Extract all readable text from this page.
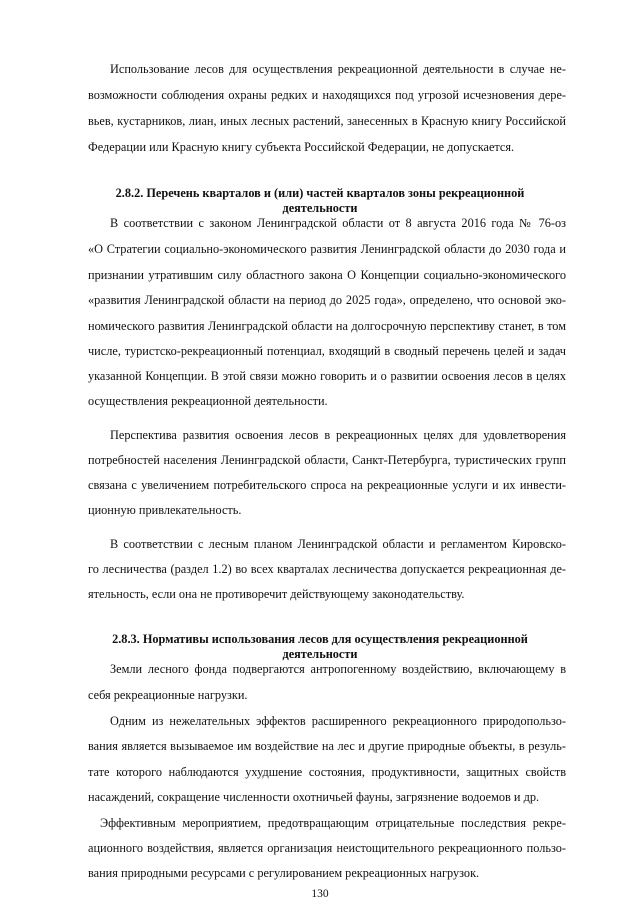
Использование лесов для осуществления рекреационной деятельности в случае не-
возможности соблюдения охраны редких и находящихся под угрозой исчезновения дере-
вьев, кустарников, лиан, иных лесных растений, занесенных в Красную книгу Российской
Федерации или Красную книгу субъекта Российской Федерации, не допускается.
2.8.2. Перечень кварталов и (или) частей кварталов зоны рекреационной
деятельности
В соответствии с законом Ленинградской области от 8 августа 2016 года № 76-оз
«О Стратегии социально-экономического развития Ленинградской области до 2030 года и
признании утратившим силу областного закона О Концепции социально-экономического
«развития Ленинградской области на период до 2025 года», определено, что основой эко-
номического развития Ленинградской области на долгосрочную перспективу станет, в том
числе, туристско-рекреационный потенциал, входящий в сводный перечень целей и задач
указанной Концепции. В этой связи можно говорить и о развитии освоения лесов в целях
осуществления рекреационной деятельности.
Перспектива развития освоения лесов в рекреационных целях для удовлетворения
потребностей населения Ленинградской области, Санкт-Петербурга, туристических групп
связана с увеличением потребительского спроса на рекреационные услуги и их инвести-
ционную привлекательность.
В соответствии с лесным планом Ленинградской области и регламентом Кировско-
го лесничества (раздел 1.2) во всех кварталах лесничества допускается рекреационная де-
ятельность, если она не противоречит действующему законодательству.
2.8.3. Нормативы использования лесов для осуществления рекреационной
деятельности
Земли лесного фонда подвергаются антропогенному воздействию, включающему в
себя рекреационные нагрузки.
Одним из нежелательных эффектов расширенного рекреационного природопользо-
вания является вызываемое им воздействие на лес и другие природные объекты, в резуль-
тате которого наблюдаются ухудшение состояния, продуктивности, защитных свойств
насаждений, сокращение численности охотничьей фауны, загрязнение водоемов и др.
Эффективным мероприятием, предотвращающим отрицательные последствия рекре-
ационного воздействия, является организация неистощительного рекреационного пользо-
вания природными ресурсами с регулированием рекреационных нагрузок.
130
